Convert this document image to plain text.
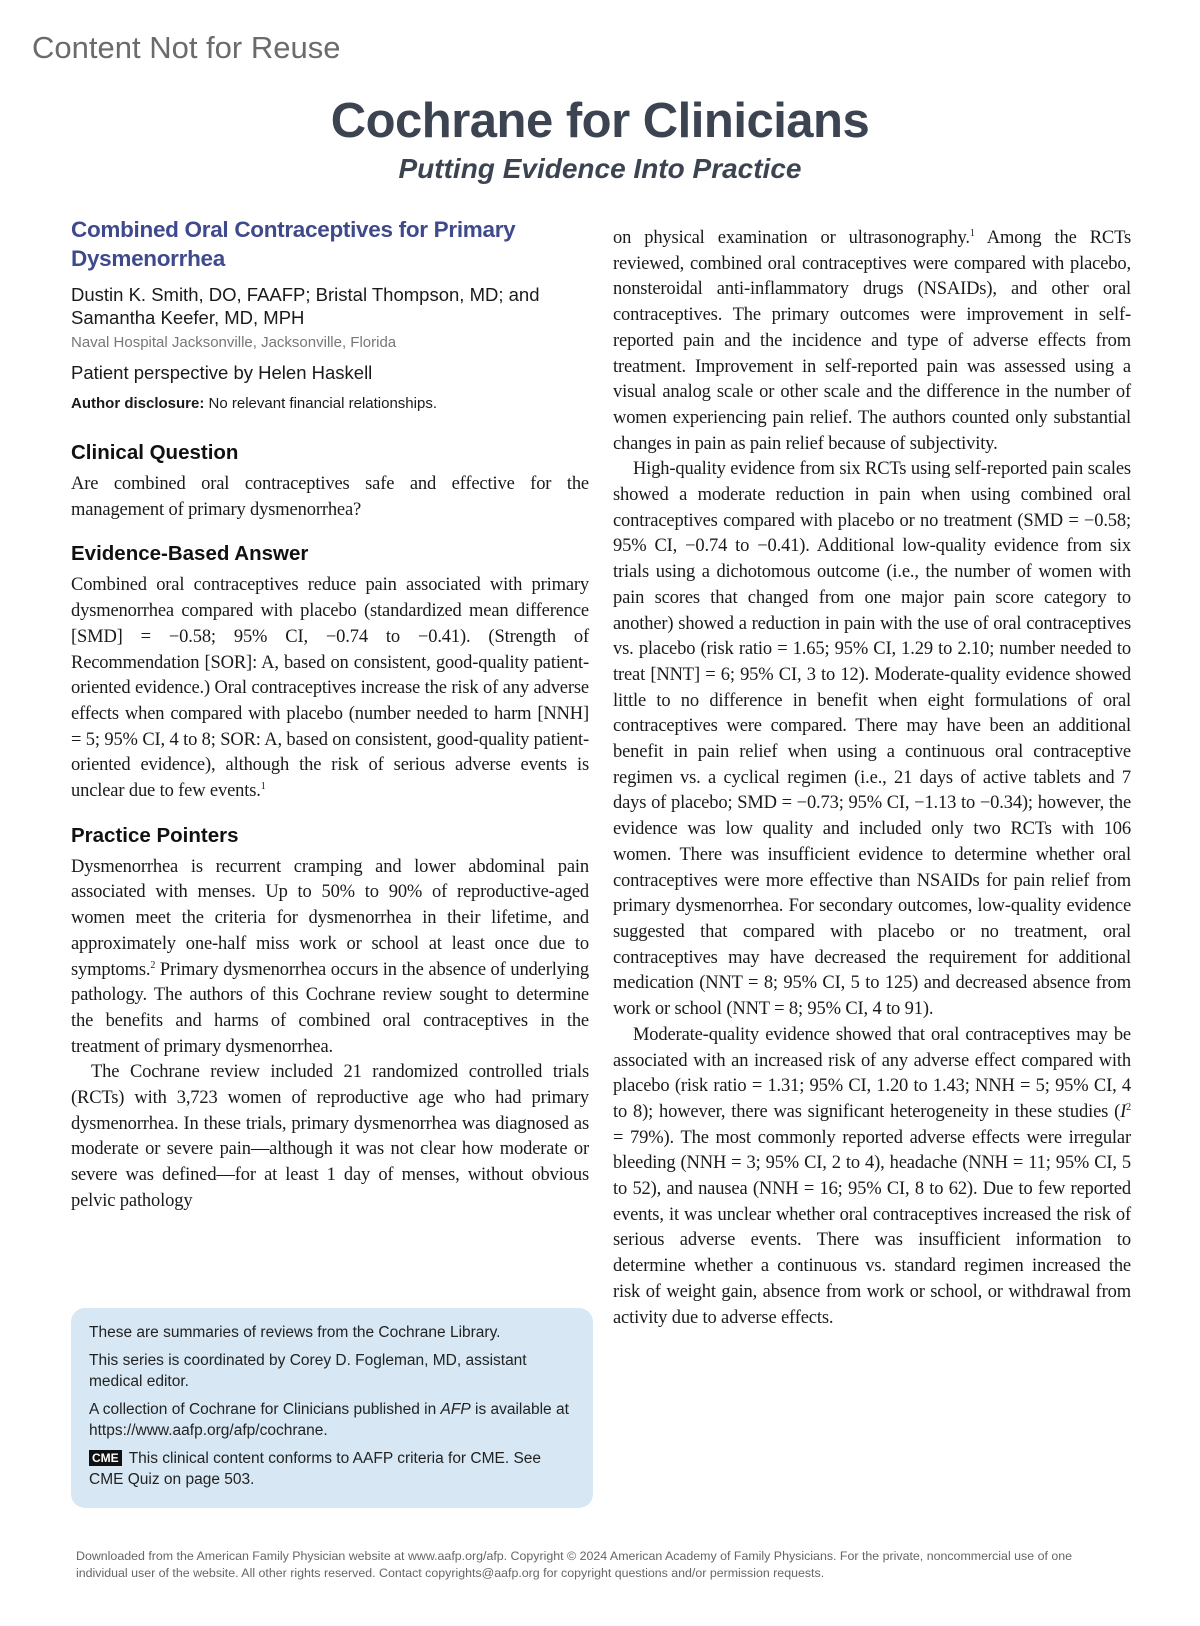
Content Not for Reuse
Cochrane for Clinicians
Putting Evidence Into Practice
Combined Oral Contraceptives for Primary Dysmenorrhea

Dustin K. Smith, DO, FAAFP; Bristal Thompson, MD; and Samantha Keefer, MD, MPH

Naval Hospital Jacksonville, Jacksonville, Florida

Patient perspective by Helen Haskell

Author disclosure: No relevant financial relationships.

Clinical Question

Are combined oral contraceptives safe and effective for the management of primary dysmenorrhea?

Evidence-Based Answer

Combined oral contraceptives reduce pain associated with primary dysmenorrhea compared with placebo (standardized mean difference [SMD] = −0.58; 95% CI, −0.74 to −0.41). (Strength of Recommendation [SOR]: A, based on consistent, good-quality patient-oriented evidence.) Oral contraceptives increase the risk of any adverse effects when compared with placebo (number needed to harm [NNH] = 5; 95% CI, 4 to 8; SOR: A, based on consistent, good-quality patient-oriented evidence), although the risk of serious adverse events is unclear due to few events.$^1$

Practice Pointers

Dysmenorrhea is recurrent cramping and lower abdominal pain associated with menses. Up to 50% to 90% of reproductive-aged women meet the criteria for dysmenorrhea in their lifetime, and approximately one-half miss work or school at least once due to symptoms.$^2$ Primary dysmenorrhea occurs in the absence of underlying pathology. The authors of this Cochrane review sought to determine the benefits and harms of combined oral contraceptives in the treatment of primary dysmenorrhea.

The Cochrane review included 21 randomized controlled trials (RCTs) with 3,723 women of reproductive age who had primary dysmenorrhea. In these trials, primary dysmenorrhea was diagnosed as moderate or severe pain—although it was not clear how moderate or severe was defined—for at least 1 day of menses, without obvious pelvic pathology

These are summaries of reviews from the Cochrane Library.

This series is coordinated by Corey D. Fogleman, MD, assistant medical editor.

A collection of Cochrane for Clinicians published in AFP is available at https://www.aafp.org/afp/cochrane.

CME This clinical content conforms to AAFP criteria for CME. See CME Quiz on page 503.

on physical examination or ultrasonography.$^1$ Among the RCTs reviewed, combined oral contraceptives were compared with placebo, nonsteroidal anti-inflammatory drugs (NSAIDs), and other oral contraceptives. The primary outcomes were improvement in self-reported pain and the incidence and type of adverse effects from treatment. Improvement in self-reported pain was assessed using a visual analog scale or other scale and the difference in the number of women experiencing pain relief. The authors counted only substantial changes in pain as pain relief because of subjectivity.

High-quality evidence from six RCTs using self-reported pain scales showed a moderate reduction in pain when using combined oral contraceptives compared with placebo or no treatment (SMD = −0.58; 95% CI, −0.74 to −0.41). Additional low-quality evidence from six trials using a dichotomous outcome (i.e., the number of women with pain scores that changed from one major pain score category to another) showed a reduction in pain with the use of oral contraceptives vs. placebo (risk ratio = 1.65; 95% CI, 1.29 to 2.10; number needed to treat [NNT] = 6; 95% CI, 3 to 12). Moderate-quality evidence showed little to no difference in benefit when eight formulations of oral contraceptives were compared. There may have been an additional benefit in pain relief when using a continuous oral contraceptive regimen vs. a cyclical regimen (i.e., 21 days of active tablets and 7 days of placebo; SMD = −0.73; 95% CI, −1.13 to −0.34); however, the evidence was low quality and included only two RCTs with 106 women. There was insufficient evidence to determine whether oral contraceptives were more effective than NSAIDs for pain relief from primary dysmenorrhea. For secondary outcomes, low-quality evidence suggested that compared with placebo or no treatment, oral contraceptives may have decreased the requirement for additional medication (NNT = 8; 95% CI, 5 to 125) and decreased absence from work or school (NNT = 8; 95% CI, 4 to 91).

Moderate-quality evidence showed that oral contraceptives may be associated with an increased risk of any adverse effect compared with placebo (risk ratio = 1.31; 95% CI, 1.20 to 1.43; NNH = 5; 95% CI, 4 to 8); however, there was significant heterogeneity in these studies $(I^2 = 79\%)$. The most commonly reported adverse effects were irregular bleeding (NNH = 3; 95% CI, 2 to 4), headache (NNH = 11; 95% CI, 5 to 52), and nausea (NNH = 16; 95% CI, 8 to 62). Due to few reported events, it was unclear whether oral contraceptives increased the risk of serious adverse events. There was insufficient information to determine whether a continuous vs. standard regimen increased the risk of weight gain, absence from work or school, or withdrawal from activity due to adverse effects.

Downloaded from the American Family Physician website at www.aafp.org/afp. Copyright © 2024 American Academy of Family Physicians. For the private, noncommercial use of one individual user of the website. All other rights reserved. Contact copyrights@aafp.org for copyright questions and/or permission requests.
